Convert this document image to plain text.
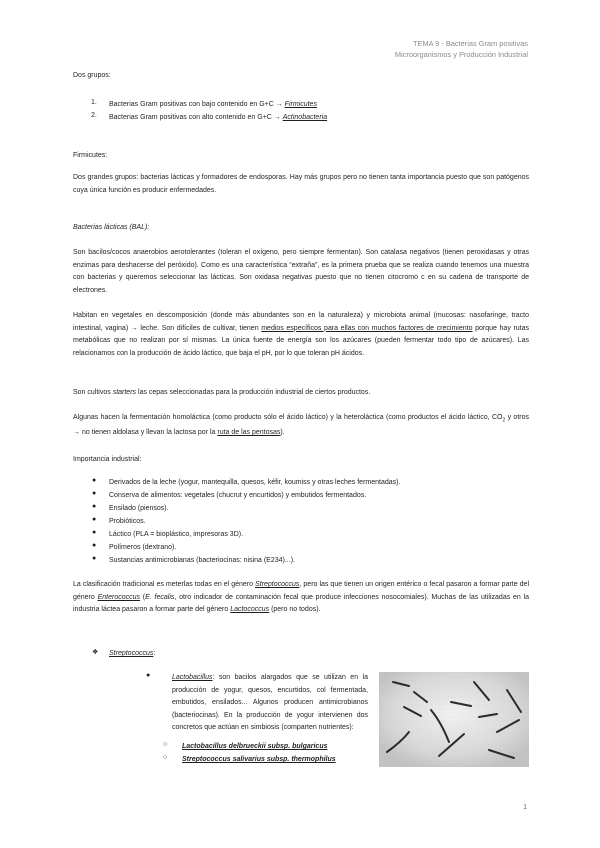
TEMA 9 - Bacterias Gram positivas
Microorganismos y Producción Industrial
Dos grupos:
1. Bacterias Gram positivas con bajo contenido en G+C → Firmicutes
2. Bacterias Gram positivas con alto contenido en G+C → Actinobacteria
Firmicutes:
Dos grandes grupos: bacterias lácticas y formadores de endosporas. Hay más grupos pero no tienen tanta importancia puesto que son patógenos cuya única función es producir enfermedades.
Bacterias lácticas (BAL):
Son bacilos/cocos anaerobios aerotolerantes (toleran el oxígeno, pero siempre fermentan). Son catalasa negativos (tienen peroxidasas y otras enzimas para deshacerse del peróxido). Como es una característica “extraña”, es la primera prueba que se realiza cuando tenemos una muestra con bacterias y queremos seleccionar las lácticas. Son oxidasa negativas puesto que no tienen citocromo c en su cadena de transporte de electrones.
Habitan en vegetales en descomposición (donde más abundantes son en la naturaleza) y microbiota animal (mucosas: nasofaringe, tracto intestinal, vagina) → leche. Son difíciles de cultivar, tienen medios específicos para ellas con muchos factores de crecimiento porque hay rutas metabólicas que no realizan por sí mismas. La única fuente de energía son los azúcares (pueden fermentar todo tipo de azúcares). Las relacionamos con la producción de ácido láctico, que baja el pH, por lo que toleran pH ácidos.
Son cultivos starters las cepas seleccionadas para la producción industrial de ciertos productos.
Algunas hacen la fermentación homoláctica (como producto sólo el ácido láctico) y la heteroláctica (como productos el ácido láctico, $CO_2$ y otros → no tienen aldolasa y llevan la lactosa por la ruta de las pentosas).
Importancia industrial:
● Derivados de la leche (yogur, mantequilla, quesos, kéfir, koumiss y otras leches fermentadas).
● Conserva de alimentos: vegetales (chucrut y encurtidos) y embutidos fermentados.
● Ensilado (piensos).
● Probióticos.
● Láctico (PLA = bioplástico, impresoras 3D).
● Polímeros (dextrano).
● Sustancias antimicrobianas (bacteriocinas: nisina (E234)...).
La clasificación tradicional es meterlas todas en el género Streptococcus, pero las que tienen un origen entérico o fecal pasaron a formar parte del género Enterococcus (E. fecalis, otro indicador de contaminación fecal que produce infecciones nosocomiales). Muchas de las utilizadas en la industria láctea pasaron a formar parte del género Lactococcus (pero no todos).
❖ Streptococcus:
●	Lactobacillus: son bacilos alargados que se utilizan en la producción de yogur, quesos, encurtidos, col fermentada, embutidos, ensilados... Algunos producen antimicrobianos (bacteriocinas). En la producción de yogur intervienen dos concretos que actúan en simbiosis (comparten nutrientes):
○ Lactobacillus delbrueckii subsp. bulgaricus
○ Streptococcus salivarius subsp. thermophilus
1
